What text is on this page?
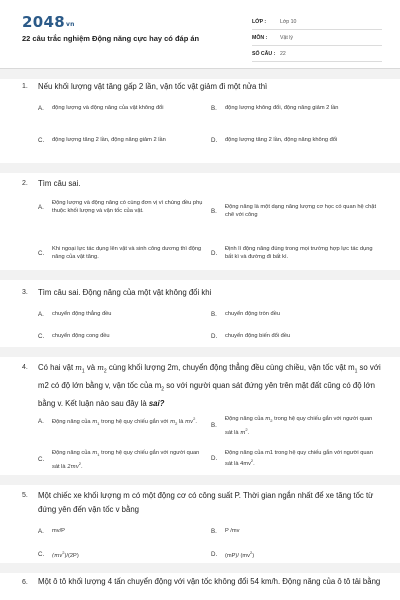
2048vn
22 câu trắc nghiệm Động năng cực hay có đáp án
LỚP :	Lớp 10
MÔN :	Vật lý
SỐ CÂU : 22
1. Nếu khối lượng vật tăng gấp 2 lần, vận tốc vật giảm đi một nửa thì
A.	động lượng và động năng của vật không đổi	B.	động lượng không đổi, động năng giảm 2 lần
C.	động lượng tăng 2 lần, động năng giảm 2 lần	D.	động lượng tăng 2 lần, động năng không đổi
2. Tìm câu sai.
A.
Động lượng và động năng có cùng đơn vị vì chúng đều phụ thuộc khối lượng và vận tốc của vật.	B.
Động năng là một dạng năng lượng cơ học có quan hệ chặt chẽ với công
C.
Khi ngoại lực tác dụng lên vật và sinh công dương thì động năng của vật tăng.
D.
Định lí động năng đúng trong mọi trường hợp lực tác dụng bất kì và đường đi bất kì.
3. Tìm câu sai. Động năng của một vật không đổi khi
A.	chuyển động thẳng đều	B.	chuyển động tròn đều
C.	chuyển động cong đều	D.	chuyển động biến đổi đều
4. Có hai vật $m_1$ và $m_2$ cùng khối lượng 2m, chuyển động thẳng đều cùng chiều, vận tốc vật $m_1$ so với m2 có độ lớn bằng v, vận tốc của $m_2$ so với người quan sát đứng yên trên mặt đất cũng có độ lớn bằng v. Kết luận nào sau đây là sai?
A.	Động năng của $m_1$ trong hệ quy chiếu gắn với $m_2$ là $mv^2$.
B.
Động năng của $m_2$ trong hệ quy chiếu gắn với người quan sát là $m^2$.
C.
Động năng của $m_1$ trong hệ quy chiếu gắn với người quan sát là $2mv^2$.
D.
Động năng của m1 trong hệ quy chiếu gắn với người quan sát là $4mv^2$.
5. Một chiếc xe khối lượng m có một động cơ có công suất P. Thời gian ngắn nhất để xe tăng tốc từ đứng yên đến vận tốc v bằng
A.	mv/P	B.	P /mv
C.	$(mv^2)/(2P)$	D.	(mP)/ $(mv^2)$
6. Một ô tô khối lượng 4 tấn chuyển động với vận tốc không đổi 54 km/h. Động năng của ô tô tải bằng
